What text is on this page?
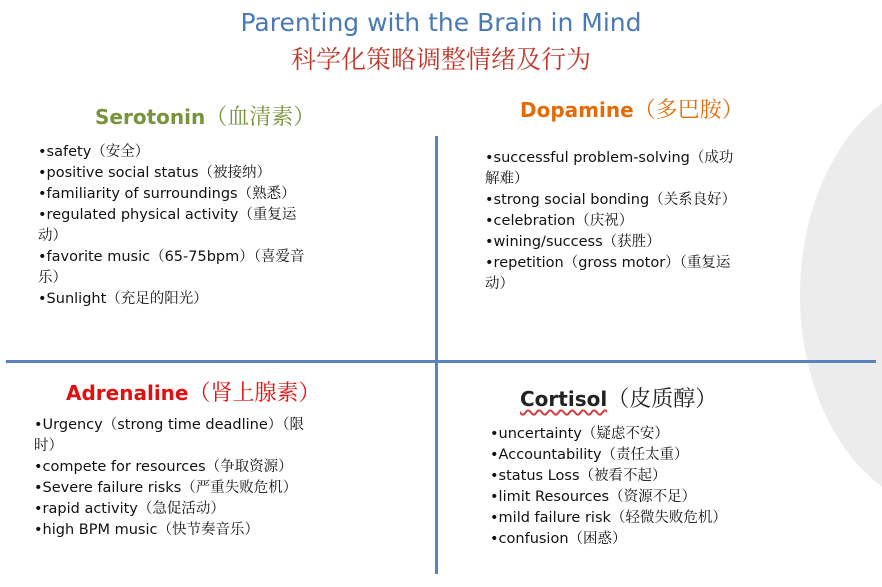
Parenting with the Brain in Mind
科学化策略调整情绪及行为
Serotonin（血清素）
•safety（安全）
•positive social status（被接纳）
•familiarity of surroundings（熟悉）
•regulated physical activity（重复运动）
•favorite music（65-75bpm）（喜爱音乐）
•Sunlight（充足的阳光）
Dopamine（多巴胺）
•successful problem-solving（成功解难）
•strong social bonding（关系良好）
•celebration（庆祝）
•wining/success（获胜）
•repetition（gross motor）（重复运动）
Adrenaline（肾上腺素）
•Urgency（strong time deadline）（限时）
•compete for resources（争取资源）
•Severe failure risks（严重失败危机）
•rapid activity（急促活动）
•high BPM music（快节奏音乐）
Cortisol（皮质醇）
•uncertainty（疑虑不安）
•Accountability（责任太重）
•status Loss（被看不起）
•limit Resources（资源不足）
•mild failure risk（轻微失败危机）
•confusion（困惑）
